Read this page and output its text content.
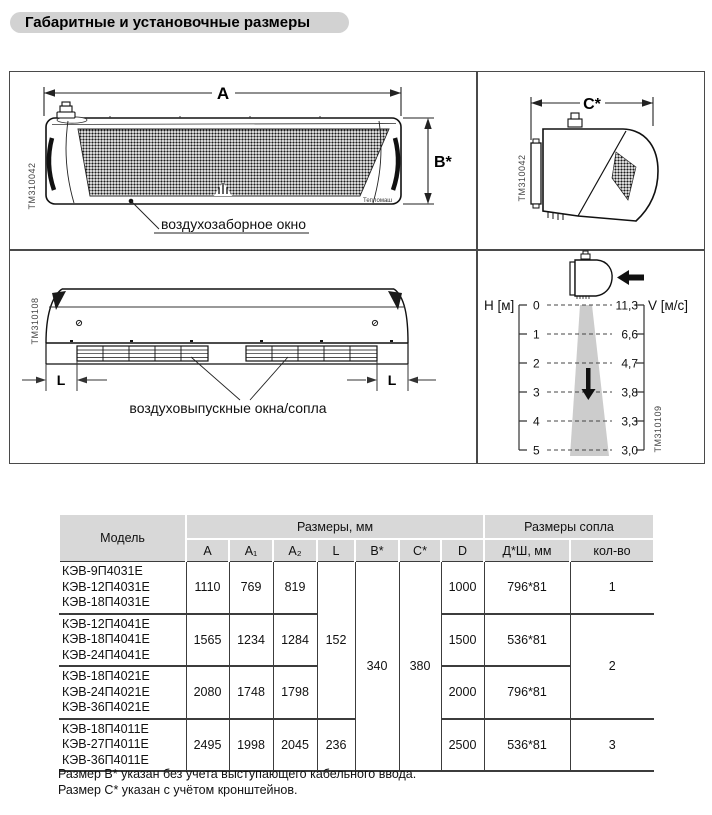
Габаритные и установочные размеры
A
Тепломаш
B*
воздухозаборное окно
TM310042
C*
TM310042
L	L
воздуховыпускные окна/сопла
TM310108	H [м]	V [м/с]
0
1
2
3
4
5
11,3
6,6
4,7
3,8
3,3
3,0 TM310109
Модель	Размеры, мм							Размеры сопла	
	A	A₁	A₂	L	B*	C*	D	Д*Ш, мм	кол-во

КЭВ-9П4031Е
КЭВ-12П4031Е
КЭВ-18П4031Е	1110	769	819	152	340	380	1000	796*81	1

КЭВ-12П4041Е
КЭВ-18П4041Е
КЭВ-24П4041Е	1565	1234	1284				1500	536*81	2

КЭВ-18П4021Е
КЭВ-24П4021Е
КЭВ-36П4021Е	2080	1748	1798				2000	796*81	

КЭВ-18П4011Е
КЭВ-27П4011Е
КЭВ-36П4011Е	2495	1998	2045	236			2500	536*81	3

Размер В* указан без учета выступающего кабельного ввода.

Размер С* указан с учётом кронштейнов.
